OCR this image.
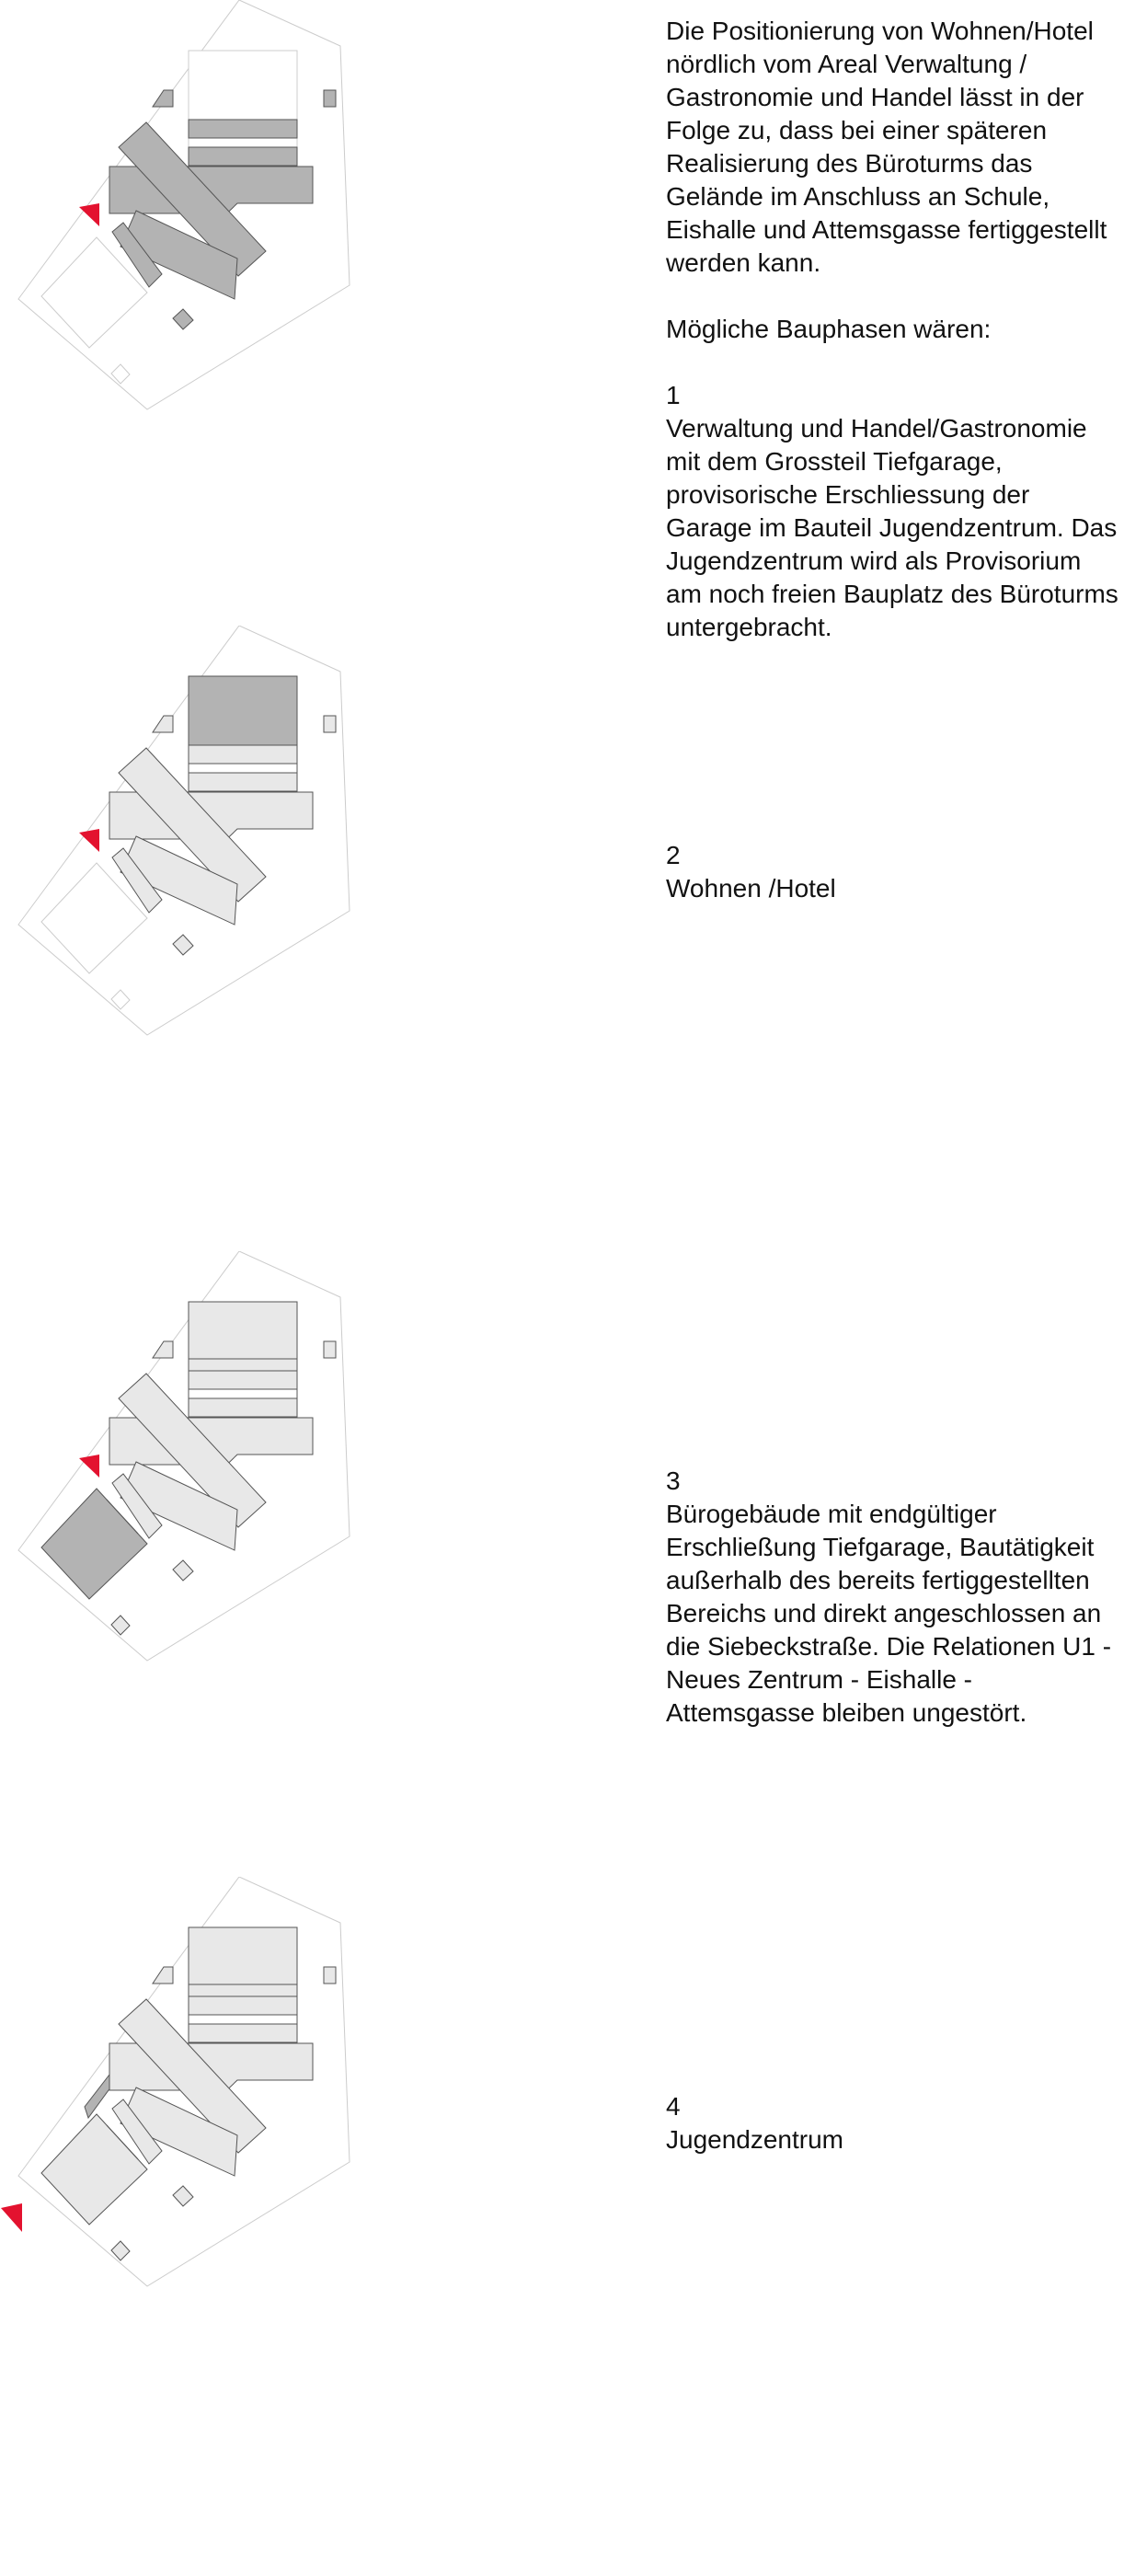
Die Positionierung von Wohnen/Hotel nördlich vom Areal Verwaltung / Gastronomie und Handel lässt in der Folge zu, dass bei einer späteren Realisierung des Büroturms das Gelände im Anschluss an Schule, Eishalle und Attemsgasse fertiggestellt werden kann.

Mögliche Bauphasen wären:

1

Verwaltung und Handel/Gastronomie mit dem Grossteil Tiefgarage, provisorische Erschliessung der Garage im Bauteil Jugendzentrum. Das Jugendzentrum wird als Provisorium am noch freien Bauplatz des Büroturms untergebracht.

2

Wohnen /Hotel

3

Bürogebäude mit endgültiger Erschließung Tiefgarage, Bautätigkeit außerhalb des bereits fertiggestellten Bereichs und direkt angeschlossen an die Siebeckstraße. Die Relationen U1 - Neues Zentrum - Eishalle - Attemsgasse bleiben ungestört.

4

Jugendzentrum
